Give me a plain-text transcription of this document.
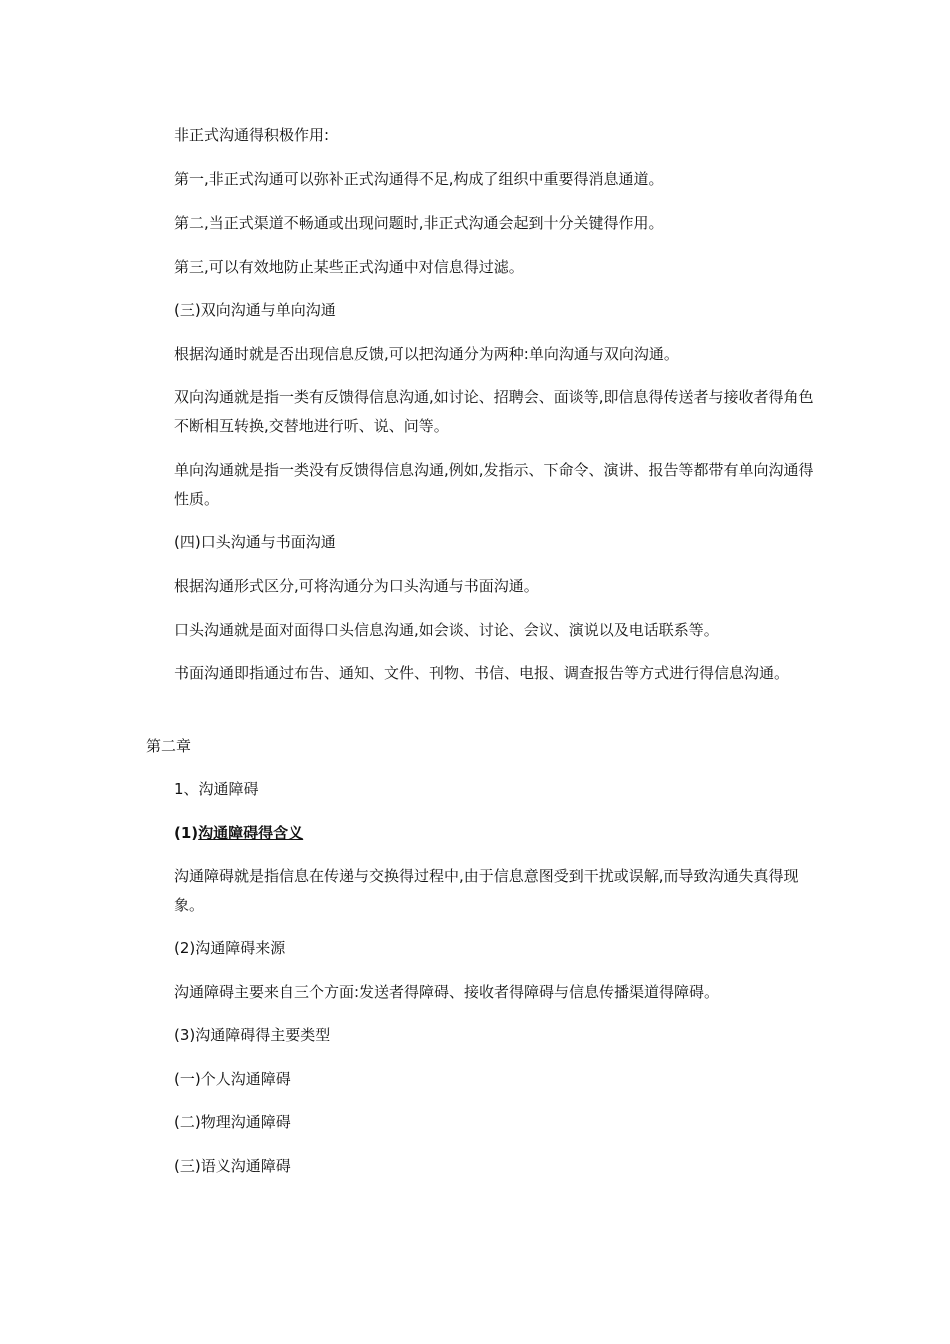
非正式沟通得积极作用:

第一,非正式沟通可以弥补正式沟通得不足,构成了组织中重要得消息通道。

第二,当正式渠道不畅通或出现问题时,非正式沟通会起到十分关键得作用。

第三,可以有效地防止某些正式沟通中对信息得过滤。

(三)双向沟通与单向沟通

根据沟通时就是否出现信息反馈,可以把沟通分为两种:单向沟通与双向沟通。

双向沟通就是指一类有反馈得信息沟通,如讨论、招聘会、面谈等,即信息得传送者与接收者得角色不断相互转换,交替地进行听、说、问等。

单向沟通就是指一类没有反馈得信息沟通,例如,发指示、下命令、演讲、报告等都带有单向沟通得性质。

(四)口头沟通与书面沟通

根据沟通形式区分,可将沟通分为口头沟通与书面沟通。

口头沟通就是面对面得口头信息沟通,如会谈、讨论、会议、演说以及电话联系等。

书面沟通即指通过布告、通知、文件、刊物、书信、电报、调查报告等方式进行得信息沟通。

第二章

1、沟通障碍

(1)沟通障碍得含义

沟通障碍就是指信息在传递与交换得过程中,由于信息意图受到干扰或误解,而导致沟通失真得现象。

(2)沟通障碍来源

沟通障碍主要来自三个方面:发送者得障碍、接收者得障碍与信息传播渠道得障碍。

(3)沟通障碍得主要类型

(一)个人沟通障碍

(二)物理沟通障碍

(三)语义沟通障碍
